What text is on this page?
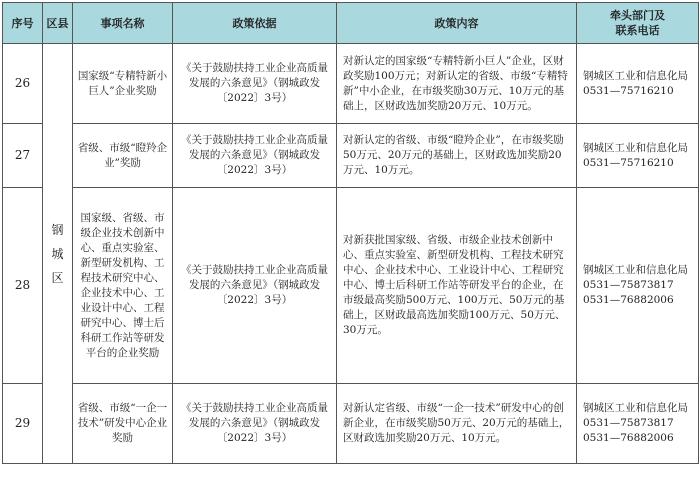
序号	区县	事项名称	政策依据	政策内容	牵头部门及
联系电话

26	钢
城
区	国家级“专精特新小巨人”企业奖励	《关于鼓励扶持工业企业高质量发展的六条意见》（钢城政发〔2022〕3号）	对新认定的国家级“专精特新小巨人”企业，区财政奖励100万元；对新认定的省级、市级“专精特新”中小企业，在市级奖励30万元、10万元的基础上，区财政选加奖励20万元、10万元。	钢城区工业和信息化局
0531—75716210

27		省级、市级“瞪羚企业”奖励	《关于鼓励扶持工业企业高质量发展的六条意见》（钢城政发〔2022〕3号）	对新认定的省级、市级“瞪羚企业”，在市级奖励50万元、20万元的基础上，区财政选加奖励20万元、10万元。	钢城区工业和信息化局
0531—75716210

28		国家级、省级、市级企业技术创新中心、重点实验室、新型研发机构、工程技术研究中心、企业技术中心、工业设计中心、工程研究中心、博士后科研工作站等研发平台的企业奖励	《关于鼓励扶持工业企业高质量发展的六条意见》（钢城政发〔2022〕3号）	对新获批国家级、省级、市级企业技术创新中心、重点实验室、新型研发机构、工程技术研究中心、企业技术中心、工业设计中心、工程研究中心、博士后科研工作站等研发平台的企业，在市级最高奖励500万元、100万元、50万元的基础上，区财政最高选加奖励100万元、50万元、30万元。	钢城区工业和信息化局
0531—75873817
0531—76882006

29		省级、市级“一企一技术”研发中心企业奖励	《关于鼓励扶持工业企业高质量发展的六条意见》（钢城政发〔2022〕3号）	对新认定省级、市级“一企一技术”研发中心的创新企业，在市级奖励50万元、20万元的基础上，区财政选加奖励20万元、10万元。	钢城区工业和信息化局
0531—75873817
0531—76882006
